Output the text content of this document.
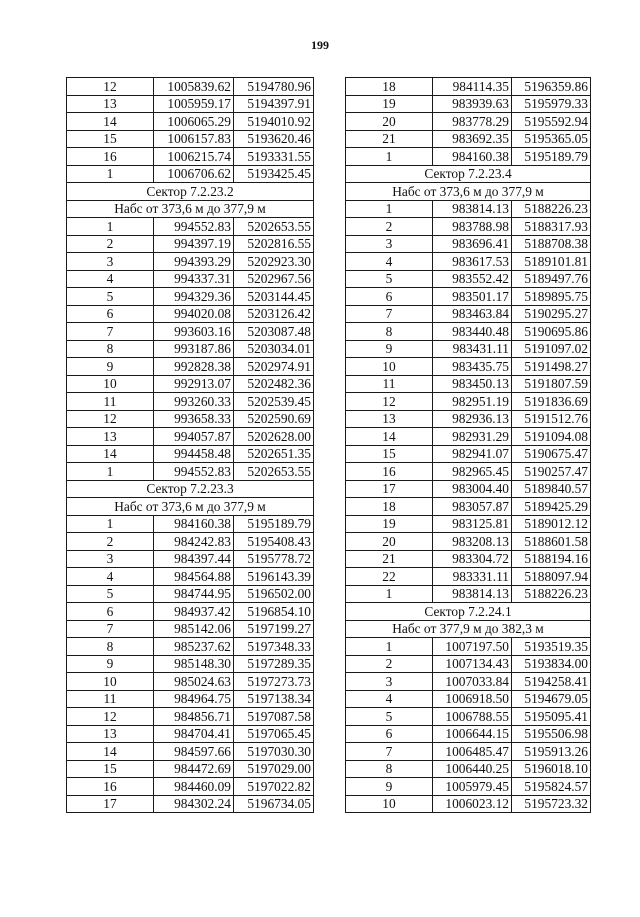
199
12	1005839.62	5194780.96
13	1005959.17	5194397.91
14	1006065.29	5194010.92
15	1006157.83	5193620.46
16	1006215.74	5193331.55
1	1006706.62	5193425.45
Сектор 7.2.23.2		
Набс от 373,6 м до 377,9 м		
1	994552.83	5202653.55
2	994397.19	5202816.55
3	994393.29	5202923.30
4	994337.31	5202967.56
5	994329.36	5203144.45
6	994020.08	5203126.42
7	993603.16	5203087.48
8	993187.86	5203034.01
9	992828.38	5202974.91
10	992913.07	5202482.36
11	993260.33	5202539.45
12	993658.33	5202590.69
13	994057.87	5202628.00
14	994458.48	5202651.35
1	994552.83	5202653.55
Сектор 7.2.23.3		
Набс от 373,6 м до 377,9 м		
1	984160.38	5195189.79
2	984242.83	5195408.43
3	984397.44	5195778.72
4	984564.88	5196143.39
5	984744.95	5196502.00
6	984937.42	5196854.10
7	985142.06	5197199.27
8	985237.62	5197348.33
9	985148.30	5197289.35
10	985024.63	5197273.73
11	984964.75	5197138.34
12	984856.71	5197087.58
13	984704.41	5197065.45
14	984597.66	5197030.30
15	984472.69	5197029.00
16	984460.09	5197022.82
17	984302.24	5196734.05
18	984114.35	5196359.86
19	983939.63	5195979.33
20	983778.29	5195592.94
21	983692.35	5195365.05
1	984160.38	5195189.79
Сектор 7.2.23.4		
Набс от 373,6 м до 377,9 м		
1	983814.13	5188226.23
2	983788.98	5188317.93
3	983696.41	5188708.38
4	983617.53	5189101.81
5	983552.42	5189497.76
6	983501.17	5189895.75
7	983463.84	5190295.27
8	983440.48	5190695.86
9	983431.11	5191097.02
10	983435.75	5191498.27
11	983450.13	5191807.59
12	982951.19	5191836.69
13	982936.13	5191512.76
14	982931.29	5191094.08
15	982941.07	5190675.47
16	982965.45	5190257.47
17	983004.40	5189840.57
18	983057.87	5189425.29
19	983125.81	5189012.12
20	983208.13	5188601.58
21	983304.72	5188194.16
22	983331.11	5188097.94
1	983814.13	5188226.23
Сектор 7.2.24.1		
Набс от 377,9 м до 382,3 м		
1	1007197.50	5193519.35
2	1007134.43	5193834.00
3	1007033.84	5194258.41
4	1006918.50	5194679.05
5	1006788.55	5195095.41
6	1006644.15	5195506.98
7	1006485.47	5195913.26
8	1006440.25	5196018.10
9	1005979.45	5195824.57
10	1006023.12	5195723.32
